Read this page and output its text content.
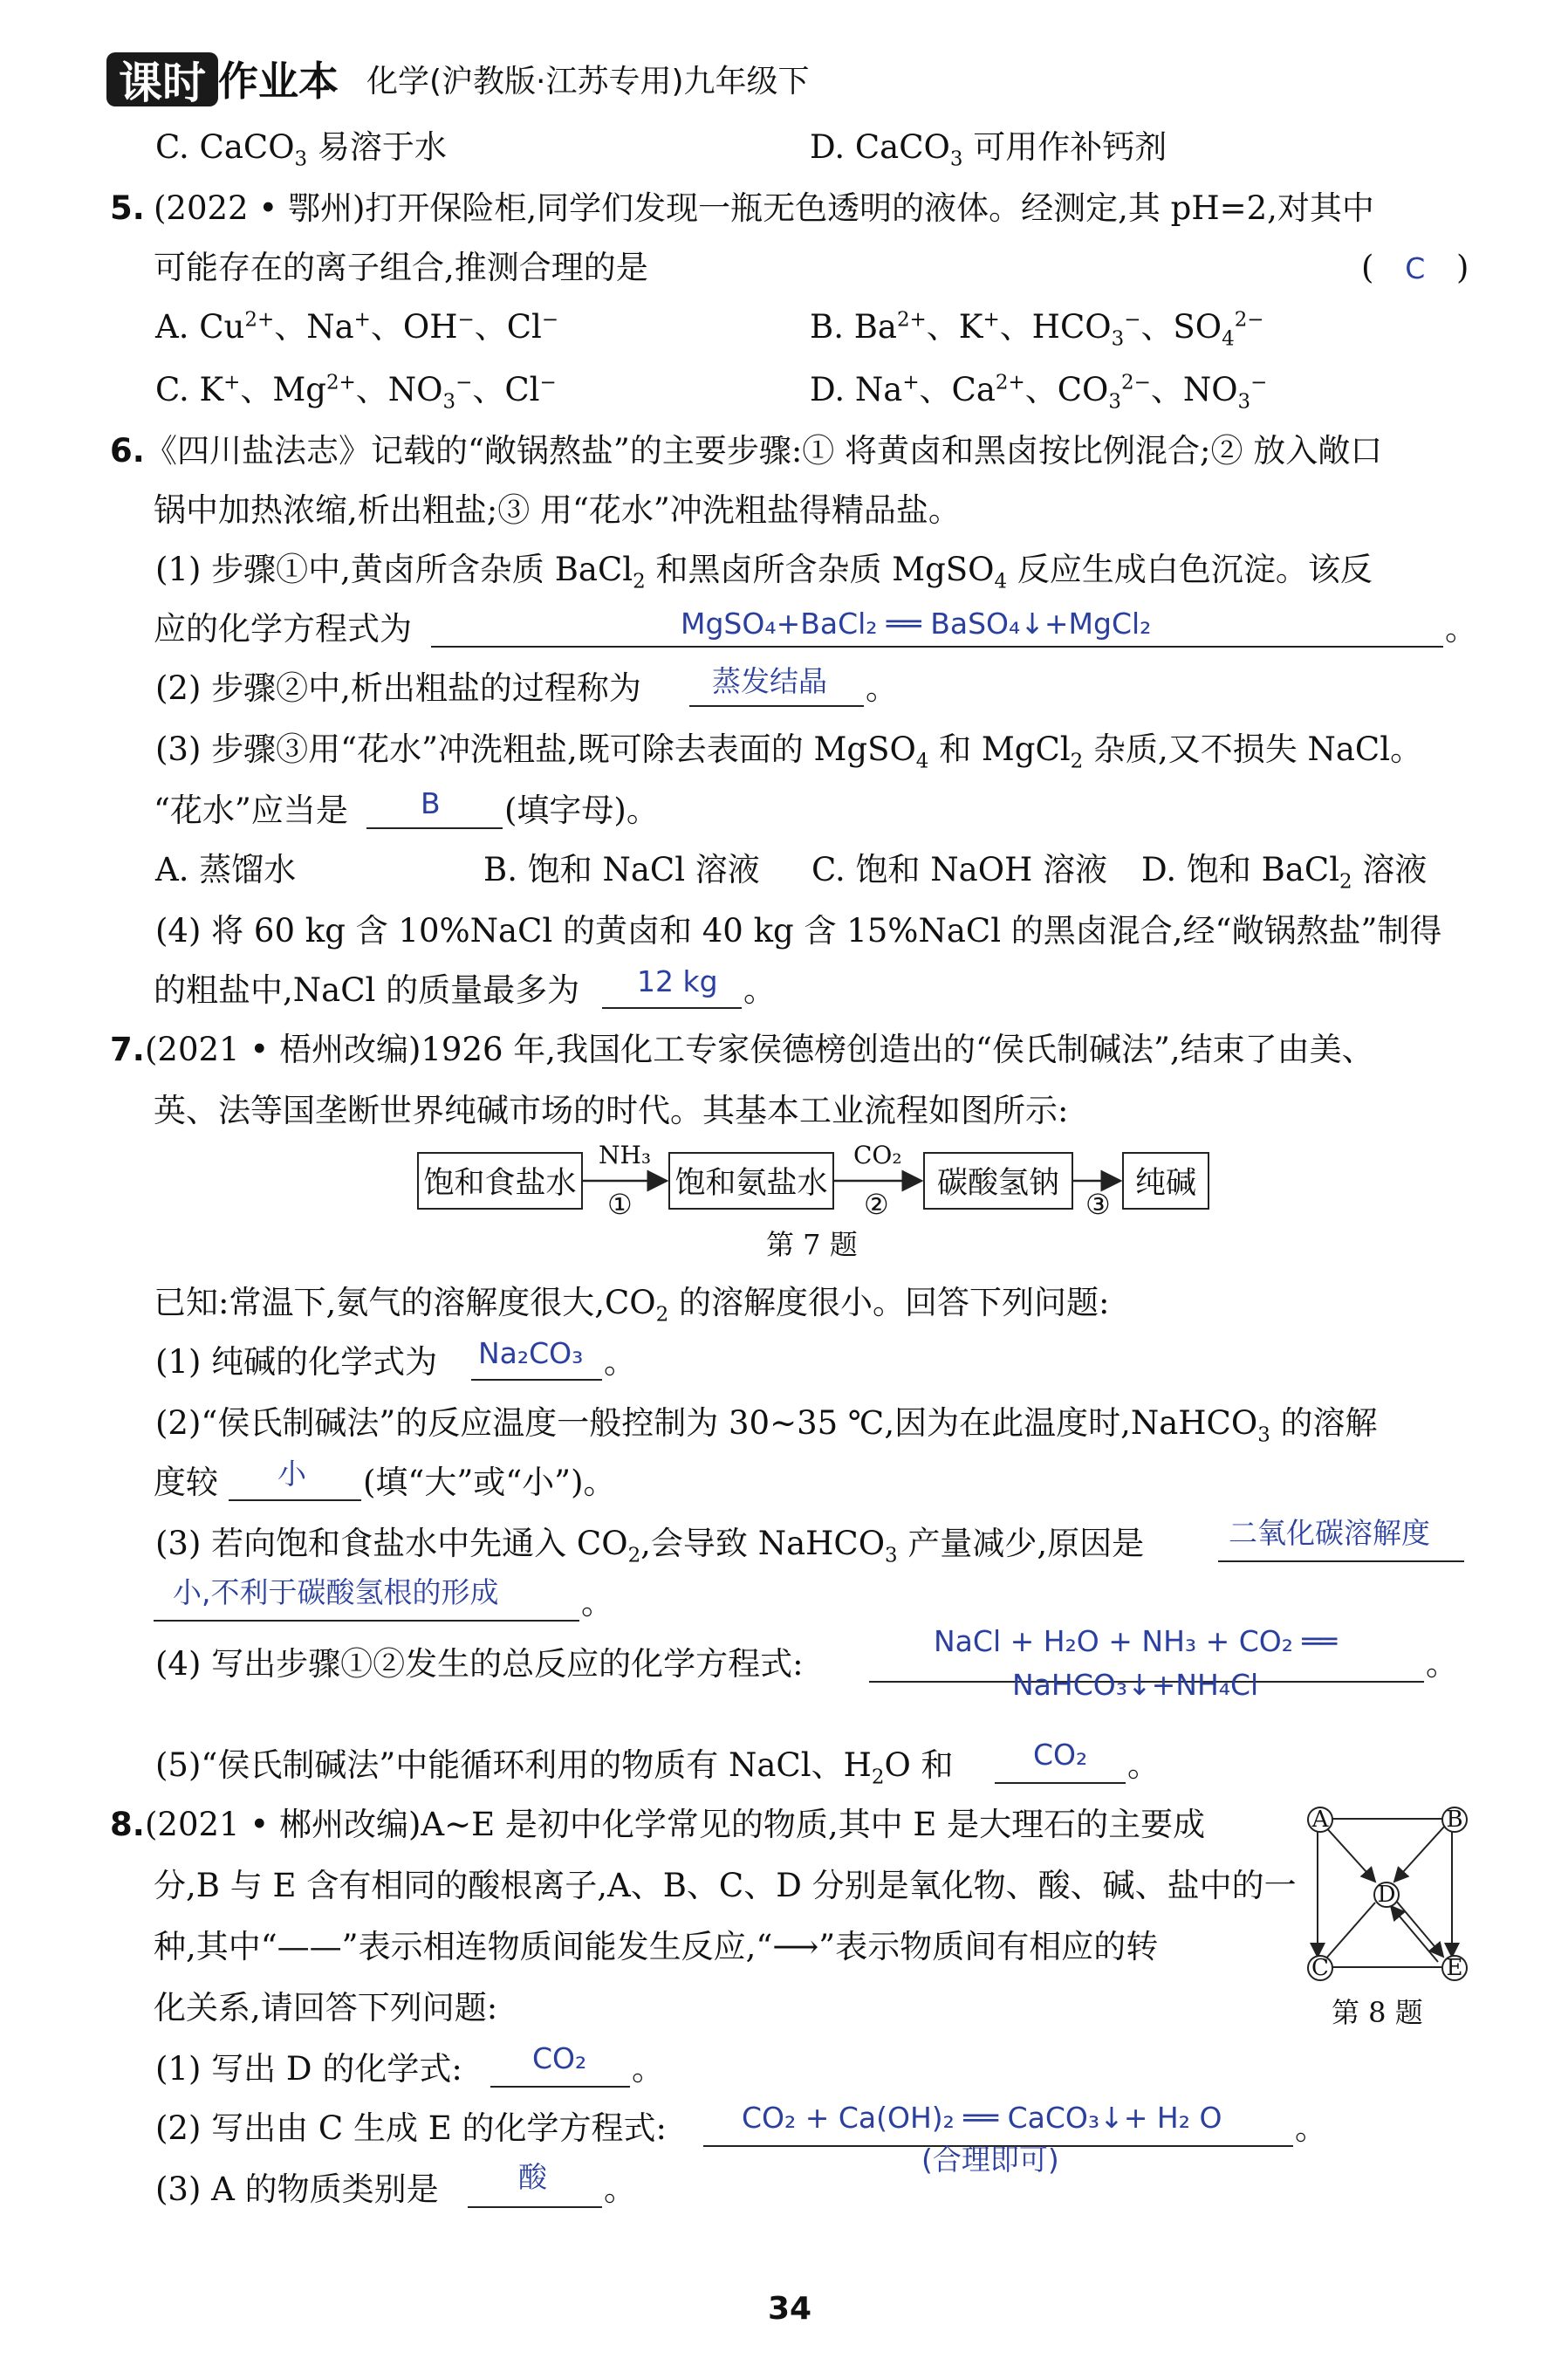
课时 作业本 化学(沪教版·江苏专用)九年级下
C. CaCO$_3$ 易溶于水	D. CaCO$_3$ 可用作补钙剂
5. (2022 • 鄂州)打开保险柜,同学们发现一瓶无色透明的液体。经测定,其 pH=2,对其中
可能存在的离子组合,推测合理的是	( C )
A. $Cu^{2+}$、Na+、OH−、Cl−	B. $Ba^{2+}$、K+、$HCO_3^-$、$SO_4^{2-}$
C. K+、$Mg^{2+}$、$NO_3^-$、Cl−	D. Na+、$Ca^{2+}$、$CO_3^{2-}$、$NO_3^-$
6. 《四川盐法志》记载的“敞锅熬盐”的主要步骤:① 将黄卤和黑卤按比例混合;② 放入敞口
锅中加热浓缩,析出粗盐;③ 用“花水”冲洗粗盐得精品盐。
(1) 步骤①中,黄卤所含杂质 BaCl$_2$ 和黑卤所含杂质 MgSO$_4$ 反应生成白色沉淀。该反
应的化学方程式为	MgSO₄+BaCl₂ ══ BaSO₄↓+MgCl₂	。
(2) 步骤②中,析出粗盐的过程称为 蒸发结晶 。
(3) 步骤③用“花水”冲洗粗盐,既可除去表面的 MgSO$_4$ 和 MgCl$_2$ 杂质,又不损失 NaCl。
“花水”应当是	B (填字母)。
A. 蒸馏水	B. 饱和 NaCl 溶液 C. 饱和 NaOH 溶液 D. 饱和 BaCl$_2$ 溶液
(4) 将 60 kg 含 10%NaCl 的黄卤和 40 kg 含 15%NaCl 的黑卤混合,经“敞锅熬盐”制得
的粗盐中,NaCl 的质量最多为 12 kg 。
7. (2021 • 梧州改编)1926 年,我国化工专家侯德榜创造出的“侯氏制碱法”,结束了由美、
英、法等国垄断世界纯碱市场的时代。其基本工业流程如图所示:
饱和食盐水	饱和氨盐水	碳酸氢钠	纯碱
NH₃
①
CO₂
②	③
第 7 题
已知:常温下,氨气的溶解度很大$,CO_2$ 的溶解度很小。回答下列问题:
(1) 纯碱的化学式为 Na₂CO₃ 。
(2)“侯氏制碱法”的反应温度一般控制为 30~35 ℃,因为在此温度时,NaHCO$_3$ 的溶解
度较 小 (填“大”或“小”)。
(3) 若向饱和食盐水中先通入 $CO_2$,会导致 NaHCO$_3$ 产量减少,原因是	二氧化碳溶解度
小,不利于碳酸氢根的形成	。
(4) 写出步骤①②发生的总反应的化学方程式:
NaCl + H₂O + NH₃ + CO₂ ══
NaHCO₃↓+NH₄Cl
。
(5)“侯氏制碱法”中能循环利用的物质有 NaCl、$H_2O$ 和	CO₂ 。
8. (2021 • 郴州改编)A~E 是初中化学常见的物质,其中 E 是大理石的主要成
分,B 与 E 含有相同的酸根离子,A、B、C、D 分别是氧化物、酸、碱、盐中的一
种,其中“——”表示相连物质间能发生反应,“⟶”表示物质间有相应的转
化关系,请回答下列问题:
A	B
C
D
E
第 8 题
(1) 写出 D 的化学式: CO₂ 。
(2) 写出由 C 生成 E 的化学方程式:	CO₂ + Ca(OH)₂ ══ CaCO₃↓+ H₂ O 。
(合理即可)
(3) A 的物质类别是	酸 。
34
